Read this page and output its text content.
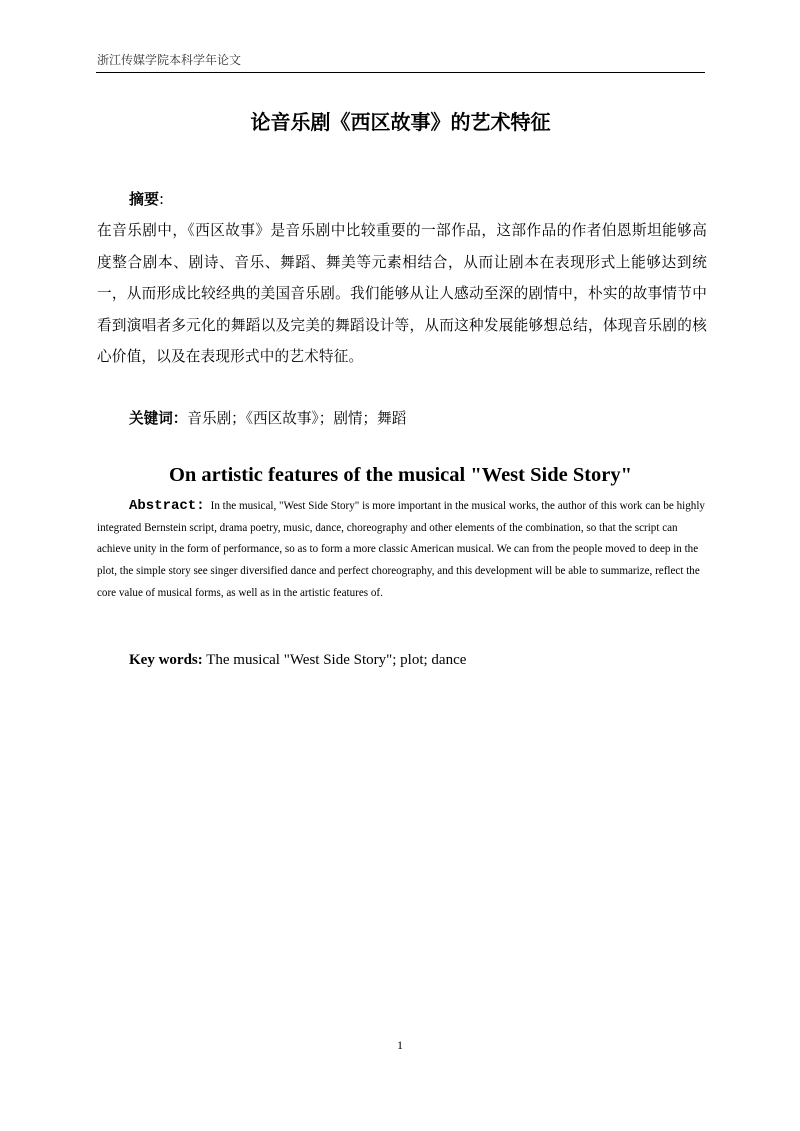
浙江传媒学院本科学年论文
论音乐剧《西区故事》的艺术特征
摘要:
在音乐剧中，《西区故事》是音乐剧中比较重要的一部作品，这部作品的作者伯恩斯坦能够高度整合剧本、剧诗、音乐、舞蹈、舞美等元素相结合，从而让剧本在表现形式上能够达到统一，从而形成比较经典的美国音乐剧。我们能够从让人感动至深的剧情中，朴实的故事情节中看到演唱者多元化的舞蹈以及完美的舞蹈设计等，从而这种发展能够想总结，体现音乐剧的核心价值，以及在表现形式中的艺术特征。
关键词：音乐剧；《西区故事》；剧情；舞蹈
On artistic features of the musical "West Side Story"
Abstract: In the musical, "West Side Story" is more important in the musical works, the author of this work can be highly integrated Bernstein script, drama poetry, music, dance, choreography and other elements of the combination, so that the script can achieve unity in the form of performance, so as to form a more classic American musical. We can from the people moved to deep in the plot, the simple story see singer diversified dance and perfect choreography, and this development will be able to summarize, reflect the core value of musical forms, as well as in the artistic features of.
Key words: The musical "West Side Story"; plot; dance
1
